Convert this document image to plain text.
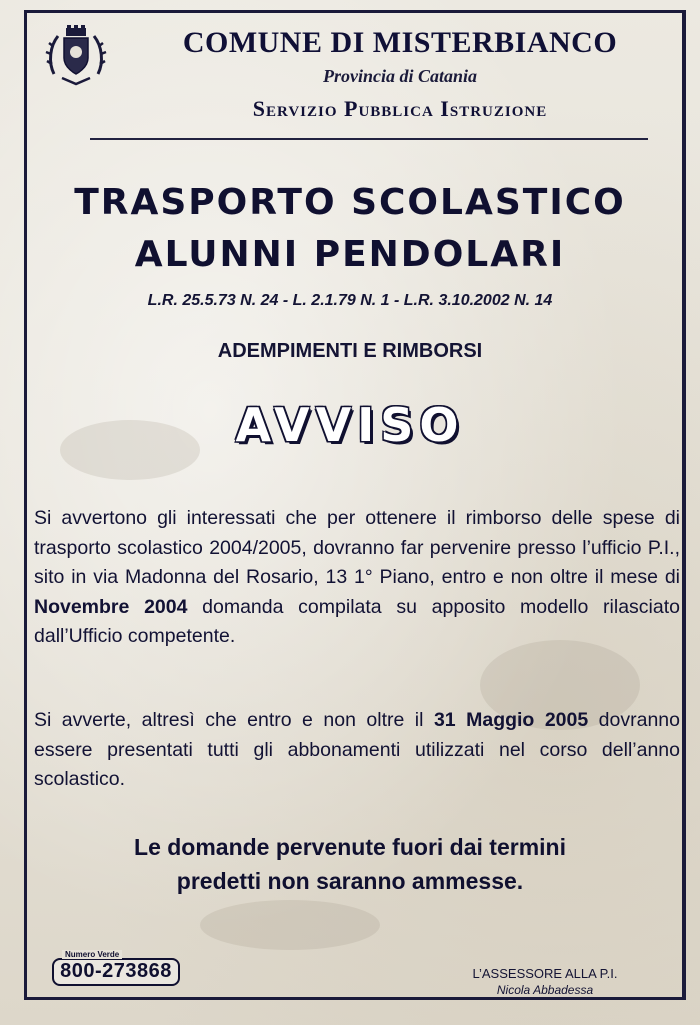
COMUNE DI MISTERBIANCO
Provincia di Catania
Servizio Pubblica Istruzione
TRASPORTO SCOLASTICO
ALUNNI PENDOLARI
L.R. 25.5.73 N. 24 - L. 2.1.79 N. 1 - L.R. 3.10.2002 N. 14
ADEMPIMENTI E RIMBORSI
AVVISO

Si avvertono gli interessati che per ottenere il rimborso delle spese di trasporto scolastico 2004/2005, dovranno far pervenire presso l’ufficio P.I., sito in via Madonna del Rosario, 13 1° Piano, entro e non oltre il mese di Novembre 2004 domanda compilata su apposito modello rilasciato dall’Ufficio competente.

Si avverte, altresì che entro e non oltre il 31 Maggio 2005 dovranno essere presentati tutti gli abbonamenti utilizzati nel corso dell’anno scolastico.

Le domande pervenute fuori dai termini
predetti non saranno ammesse.
Numero Verde
800-273868	L’ASSESSORE ALLA P.I.
Nicola Abbadessa
